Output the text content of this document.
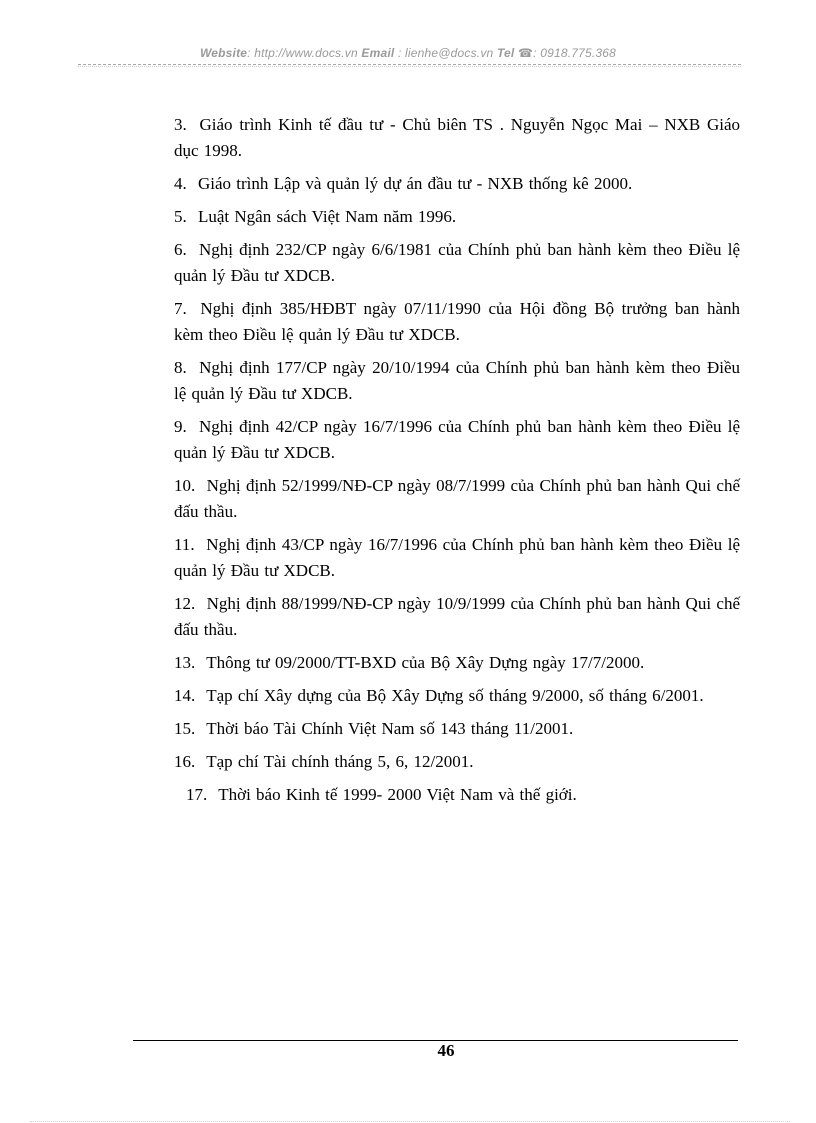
Website: http://www.docs.vn Email : lienhe@docs.vn Tel ☎: 0918.775.368

3. Giáo trình Kinh tế đầu tư - Chủ biên TS . Nguyễn Ngọc Mai – NXB Giáo dục 1998.

4. Giáo trình Lập và quản lý dự án đầu tư - NXB thống kê 2000.

5. Luật Ngân sách Việt Nam năm 1996.

6. Nghị định 232/CP ngày 6/6/1981 của Chính phủ ban hành kèm theo Điều lệ quản lý Đầu tư XDCB.

7. Nghị định 385/HĐBT ngày 07/11/1990 của Hội đồng Bộ trưởng ban hành kèm theo Điều lệ quản lý Đầu tư XDCB.

8. Nghị định 177/CP ngày 20/10/1994 của Chính phủ ban hành kèm theo Điều lệ quản lý Đầu tư XDCB.

9. Nghị định 42/CP ngày 16/7/1996 của Chính phủ ban hành kèm theo Điều lệ quản lý Đầu tư XDCB.

10. Nghị định 52/1999/NĐ-CP ngày 08/7/1999 của Chính phủ ban hành Qui chế đấu thầu.

11. Nghị định 43/CP ngày 16/7/1996 của Chính phủ ban hành kèm theo Điều lệ quản lý Đầu tư XDCB.

12. Nghị định 88/1999/NĐ-CP ngày 10/9/1999 của Chính phủ ban hành Qui chế đấu thầu.

13. Thông tư 09/2000/TT-BXD của Bộ Xây Dựng ngày 17/7/2000.

14. Tạp chí Xây dựng của Bộ Xây Dựng số tháng 9/2000, số tháng 6/2001.

15. Thời báo Tài Chính Việt Nam số 143 tháng 11/2001.

16. Tạp chí Tài chính tháng 5, 6, 12/2001.

17. Thời báo Kinh tế 1999- 2000 Việt Nam và thế giới.

46
